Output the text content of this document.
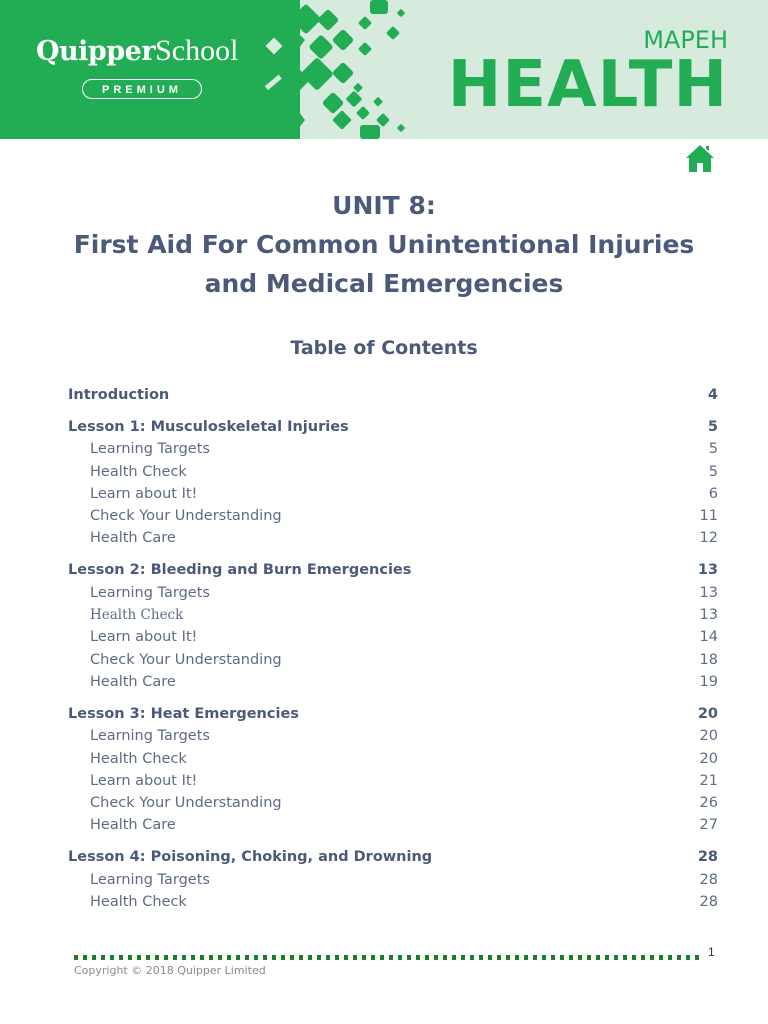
QuipperSchool
PREMIUM
MAPEH
HEALTH
UNIT 8:
First Aid For Common Unintentional Injuries
and Medical Emergencies
Table of Contents
Introduction	4
Lesson 1: Musculoskeletal Injuries	5
Learning Targets	5
Health Check	5
Learn about It!	6
Check Your Understanding	11
Health Care	12
Lesson 2: Bleeding and Burn Emergencies	13
Learning Targets	13
Health Check	13
Learn about It!	14
Check Your Understanding	18
Health Care	19
Lesson 3: Heat Emergencies	20
Learning Targets	20
Health Check	20
Learn about It!	21
Check Your Understanding	26
Health Care	27
Lesson 4: Poisoning, Choking, and Drowning	28
Learning Targets	28
Health Check	28
1
Copyright © 2018 Quipper Limited
